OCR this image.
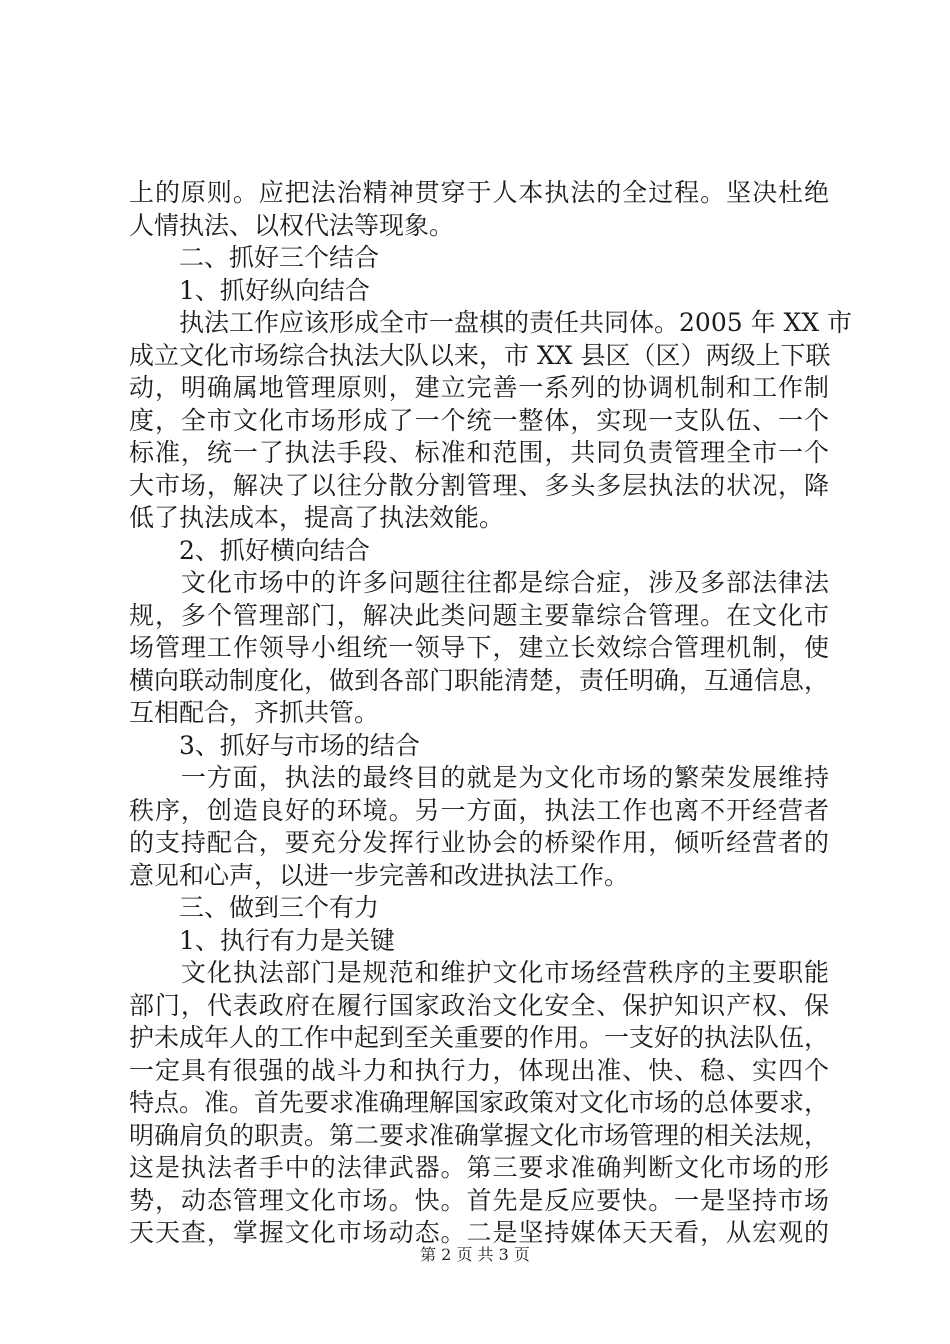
上的原则。应把法治精神贯穿于人本执法的全过程。坚决杜绝
人情执法、以权代法等现象。
　　二、抓好三个结合
　　1、抓好纵向结合
　　执法工作应该形成全市一盘棋的责任共同体。2005 年 XX 市
成立文化市场综合执法大队以来，市 XX 县区（区）两级上下联
动，明确属地管理原则，建立完善一系列的协调机制和工作制
度，全市文化市场形成了一个统一整体，实现一支队伍、一个
标准，统一了执法手段、标准和范围，共同负责管理全市一个
大市场，解决了以往分散分割管理、多头多层执法的状况，降
低了执法成本，提高了执法效能。
　　2、抓好横向结合
　　文化市场中的许多问题往往都是综合症，涉及多部法律法
规，多个管理部门，解决此类问题主要靠综合管理。在文化市
场管理工作领导小组统一领导下，建立长效综合管理机制，使
横向联动制度化，做到各部门职能清楚，责任明确，互通信息，
互相配合，齐抓共管。
　　3、抓好与市场的结合
　　一方面，执法的最终目的就是为文化市场的繁荣发展维持
秩序，创造良好的环境。另一方面，执法工作也离不开经营者
的支持配合，要充分发挥行业协会的桥梁作用，倾听经营者的
意见和心声，以进一步完善和改进执法工作。
　　三、做到三个有力
　　1、执行有力是关键
　　文化执法部门是规范和维护文化市场经营秩序的主要职能
部门，代表政府在履行国家政治文化安全、保护知识产权、保
护未成年人的工作中起到至关重要的作用。一支好的执法队伍，
一定具有很强的战斗力和执行力，体现出准、快、稳、实四个
特点。准。首先要求准确理解国家政策对文化市场的总体要求，
明确肩负的职责。第二要求准确掌握文化市场管理的相关法规，
这是执法者手中的法律武器。第三要求准确判断文化市场的形
势，动态管理文化市场。快。首先是反应要快。一是坚持市场
天天查，掌握文化市场动态。二是坚持媒体天天看，从宏观的
第 2 页 共 3 页
